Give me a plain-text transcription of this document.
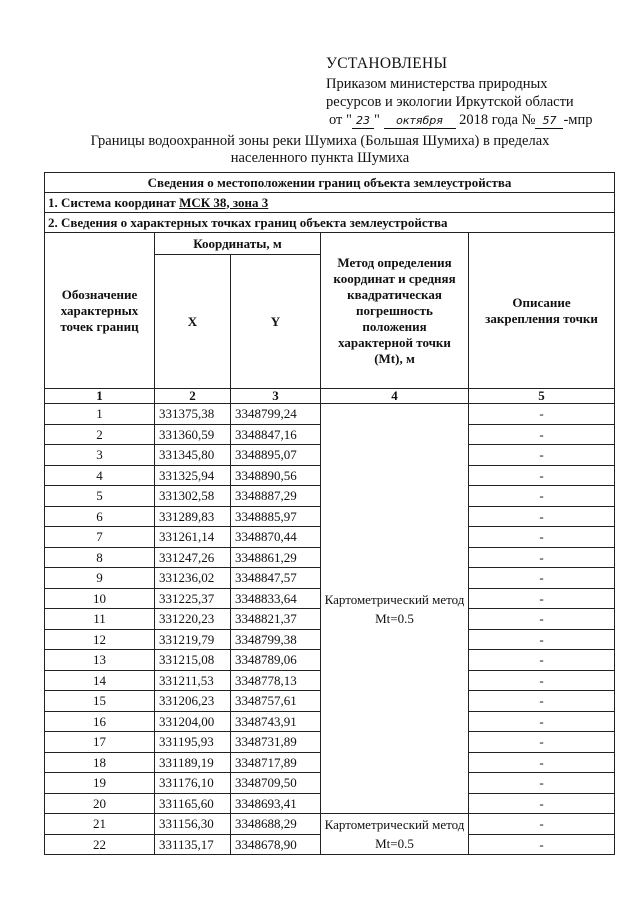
УСТАНОВЛЕНЫ
Приказом министерства природных
ресурсов и экологии Иркутской области
от " 23 " октября 2018 года № 57 -мпр
Границы водоохранной зоны реки Шумиха (Большая Шумиха) в пределах
населенного пункта Шумиха
Сведения о местоположении границ объекта землеустройства				
1. Система координат МСК 38, зона 3				
2. Сведения о характерных точках границ объекта землеустройства				
Обозначение характерных точек границ	Координаты, м		Метод определения координат и средняя квадратическая погрешность положения характерной точки (Mt), м	Описание закрепления точки
	X	Y		
1	2	3	4	5
1	331375,38	3348799,24	Картометрический метод Mt=0.5	-
2	331360,59	3348847,16		-
3	331345,80	3348895,07		-
4	331325,94	3348890,56		-
5	331302,58	3348887,29		-
6	331289,83	3348885,97		-
7	331261,14	3348870,44		-
8	331247,26	3348861,29		-
9	331236,02	3348847,57		-
10	331225,37	3348833,64		-
11	331220,23	3348821,37		-
12	331219,79	3348799,38		-
13	331215,08	3348789,06		-
14	331211,53	3348778,13		-
15	331206,23	3348757,61		-
16	331204,00	3348743,91		-
17	331195,93	3348731,89		-
18	331189,19	3348717,89		-
19	331176,10	3348709,50		-
20	331165,60	3348693,41		-
21	331156,30	3348688,29	Картометрический метод Mt=0.5	-
22	331135,17	3348678,90		-
